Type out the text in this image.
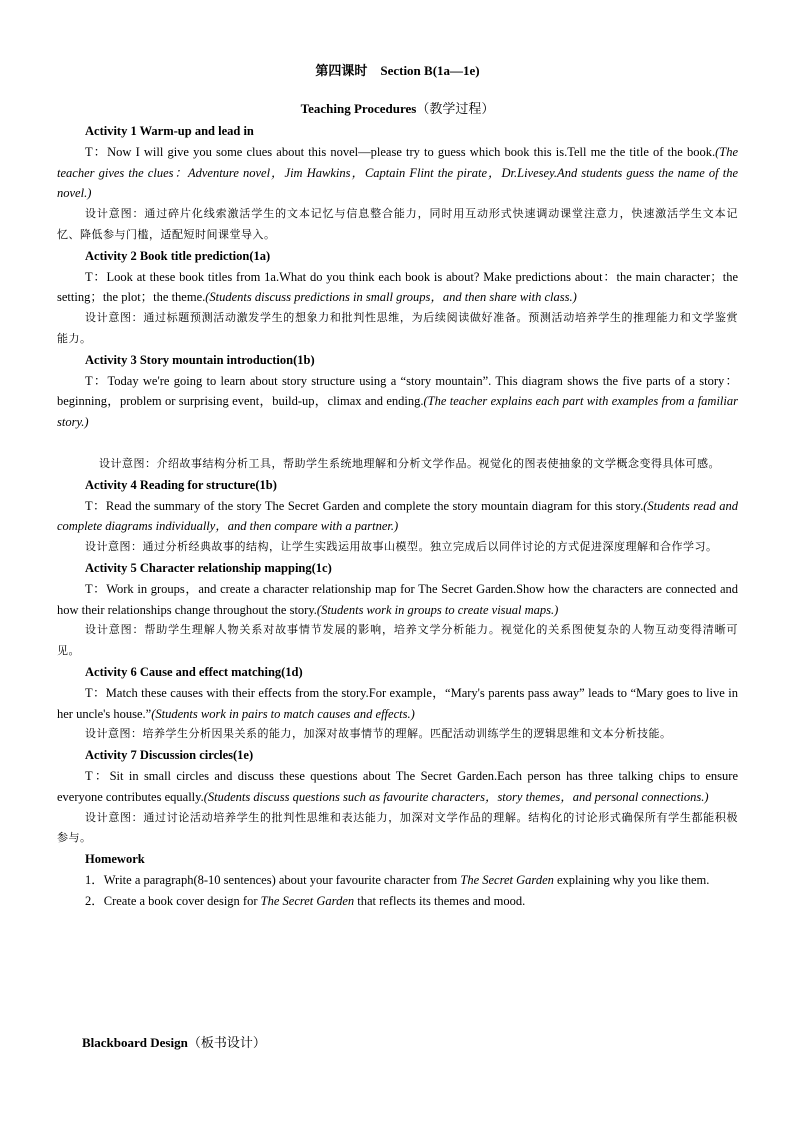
第四课时　Section B(1a—1e)
Teaching Procedures（教学过程）
Activity 1 Warm-up and lead in

T：Now I will give you some clues about this novel—please try to guess which book this is.Tell me the title of the book.(The teacher gives the clues：Adventure novel，Jim Hawkins，Captain Flint the pirate，Dr.Livesey.And students guess the name of the novel.)

设计意图：通过碎片化线索激活学生的文本记忆与信息整合能力，同时用互动形式快速调动课堂注意力，快速激活学生文本记忆、降低参与门槛，适配短时间课堂导入。

Activity 2 Book title prediction(1a)

T：Look at these book titles from 1a.What do you think each book is about? Make predictions about：the main character；the setting；the plot；the theme.(Students discuss predictions in small groups，and then share with class.)

设计意图：通过标题预测活动激发学生的想象力和批判性思维，为后续阅读做好准备。预测活动培养学生的推理能力和文学鉴赏能力。

Activity 3 Story mountain introduction(1b)

T：Today we're going to learn about story structure using a “story mountain”. This diagram shows the five parts of a story：beginning，problem or surprising event，build-up，climax and ending.(The teacher explains each part with examples from a familiar story.)

设计意图：介绍故事结构分析工具，帮助学生系统地理解和分析文学作品。视觉化的图表使抽象的文学概念变得具体可感。

Activity 4 Reading for structure(1b)

T：Read the summary of the story The Secret Garden and complete the story mountain diagram for this story.(Students read and complete diagrams individually，and then compare with a partner.)

设计意图：通过分析经典故事的结构，让学生实践运用故事山模型。独立完成后以同伴讨论的方式促进深度理解和合作学习。

Activity 5 Character relationship mapping(1c)

T：Work in groups，and create a character relationship map for The Secret Garden.Show how the characters are connected and how their relationships change throughout the story.(Students work in groups to create visual maps.)

设计意图：帮助学生理解人物关系对故事情节发展的影响，培养文学分析能力。视觉化的关系图使复杂的人物互动变得清晰可见。

Activity 6 Cause and effect matching(1d)

T：Match these causes with their effects from the story.For example，“Mary's parents pass away” leads to “Mary goes to live in her uncle's house.”(Students work in pairs to match causes and effects.)

设计意图：培养学生分析因果关系的能力，加深对故事情节的理解。匹配活动训练学生的逻辑思维和文本分析技能。

Activity 7 Discussion circles(1e)

T：Sit in small circles and discuss these questions about The Secret Garden.Each person has three talking chips to ensure everyone contributes equally.(Students discuss questions such as favourite characters，story themes，and personal connections.)

设计意图：通过讨论活动培养学生的批判性思维和表达能力，加深对文学作品的理解。结构化的讨论形式确保所有学生都能积极参与。

Homework

1．Write a paragraph(8-10 sentences) about your favourite character from The Secret Garden explaining why you like them.

2．Create a book cover design for The Secret Garden that reflects its themes and mood.

Blackboard Design（板书设计）
